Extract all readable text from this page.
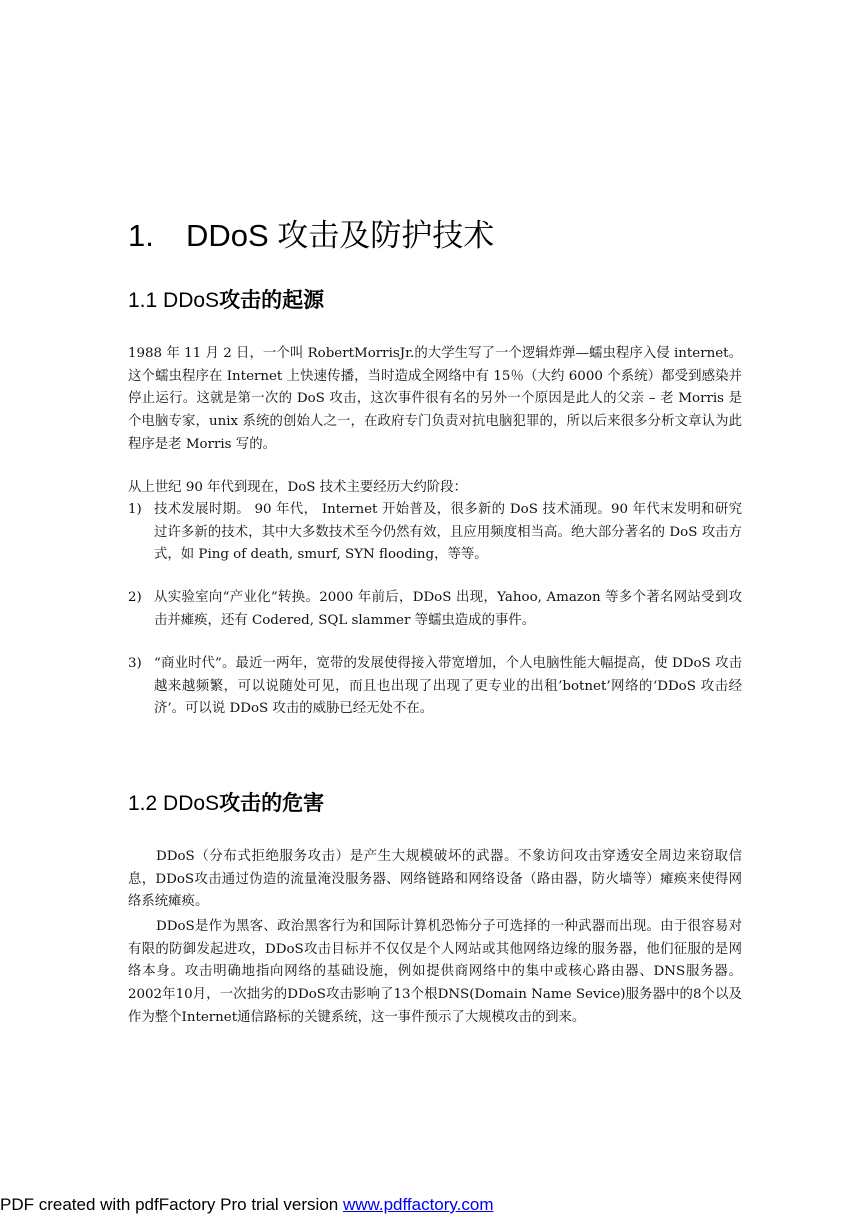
1. DDoS 攻击及防护技术
1.1 DDoS攻击的起源
1988 年 11 月 2 日，一个叫 RobertMorrisJr.的大学生写了一个逻辑炸弹—蠕虫程序入侵 internet。这个蠕虫程序在 Internet 上快速传播，当时造成全网络中有 15％（大约 6000 个系统）都受到感染并停止运行。这就是第一次的 DoS 攻击，这次事件很有名的另外一个原因是此人的父亲 – 老 Morris 是个电脑专家，unix 系统的创始人之一，在政府专门负责对抗电脑犯罪的，所以后来很多分析文章认为此程序是老 Morris 写的。
从上世纪 90 年代到现在，DoS 技术主要经历大约阶段：
1) 技术发展时期。 90 年代， Internet 开始普及，很多新的 DoS 技术涌现。90 年代末发明和研究过许多新的技术，其中大多数技术至今仍然有效，且应用频度相当高。绝大部分著名的 DoS 攻击方式，如 Ping of death, smurf, SYN flooding，等等。
2) 从实验室向“产业化”转换。2000 年前后，DDoS 出现，Yahoo, Amazon 等多个著名网站受到攻击并瘫痪，还有 Codered, SQL slammer 等蠕虫造成的事件。
3) “商业时代”。最近一两年，宽带的发展使得接入带宽增加，个人电脑性能大幅提高，使 DDoS 攻击越来越频繁，可以说随处可见，而且也出现了出现了更专业的出租’botnet’网络的‘DDoS 攻击经济’。可以说 DDoS 攻击的威胁已经无处不在。
1.2 DDoS攻击的危害
DDoS（分布式拒绝服务攻击）是产生大规模破坏的武器。不象访问攻击穿透安全周边来窃取信息，DDoS攻击通过伪造的流量淹没服务器、网络链路和网络设备（路由器，防火墙等）瘫痪来使得网络系统瘫痪。
DDoS是作为黑客、政治黑客行为和国际计算机恐怖分子可选择的一种武器而出现。由于很容易对有限的防御发起进攻，DDoS攻击目标并不仅仅是个人网站或其他网络边缘的服务器，他们征服的是网络本身。攻击明确地指向网络的基础设施，例如提供商网络中的集中或核心路由器、DNS服务器。2002年10月，一次拙劣的DDoS攻击影响了13个根DNS(Domain Name Sevice)服务器中的8个以及作为整个Internet通信路标的关键系统，这一事件预示了大规模攻击的到来。
PDF created with pdfFactory Pro trial version www.pdffactory.com
